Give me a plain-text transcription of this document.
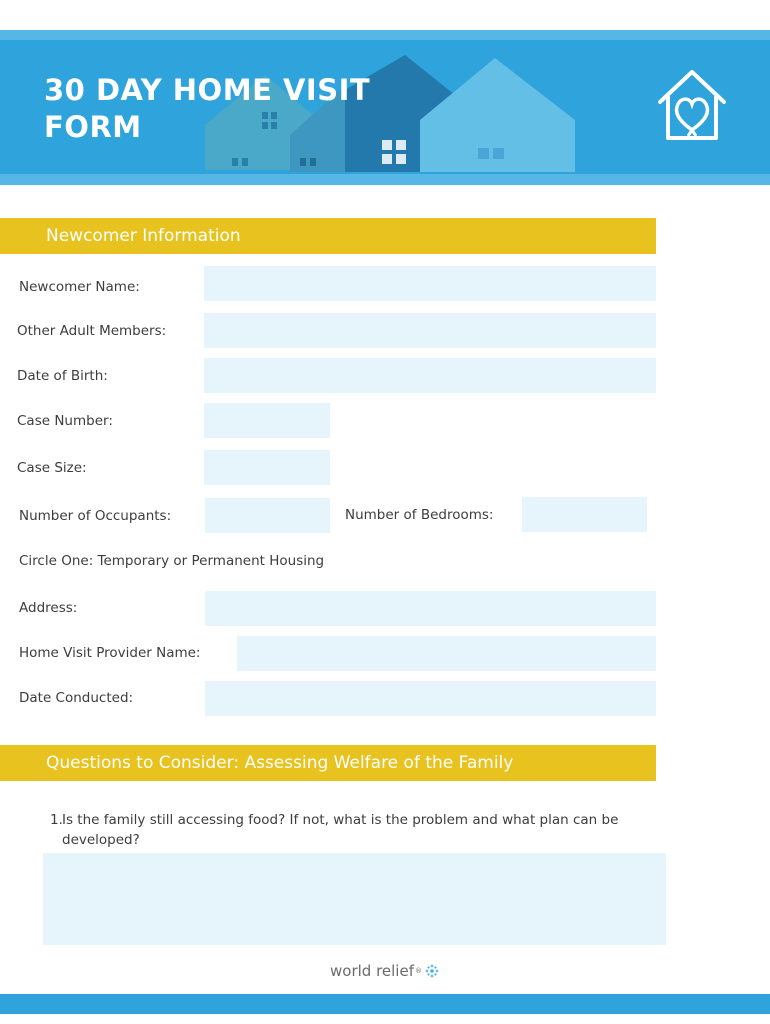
30 DAY HOME VISIT
FORM
Newcomer Information
Newcomer Name:
Other Adult Members:
Date of Birth:
Case Number:
Case Size:
Number of Occupants:	Number of Bedrooms:
Circle One: Temporary or Permanent Housing
Address:
Home Visit Provider Name:
Date Conducted:
Questions to Consider: Assessing Welfare of the Family
1. Is the family still accessing food? If not, what is the problem and what plan can be developed?
world relief ®
